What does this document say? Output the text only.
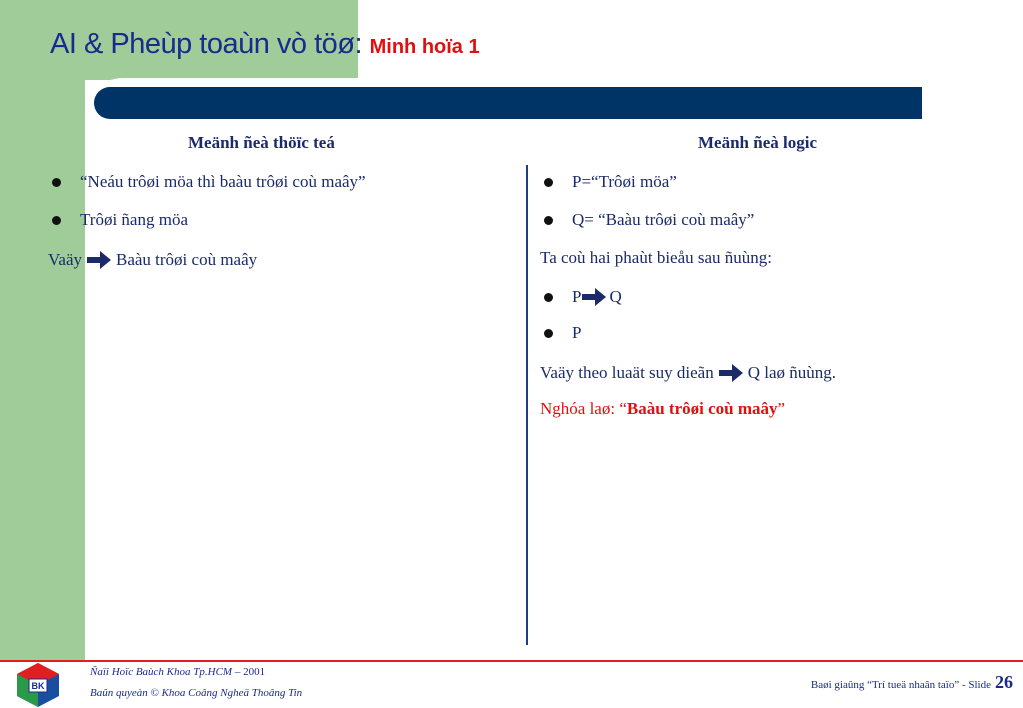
AI & Pheùp toaùn vò töø: Minh hoïa 1
Meänh ñeà thöïc teá
“Neáu trôøi möa thì baàu trôøi coù maây”
Trôøi ñang möa
Vaäy Baàu trôøi coù maây
Meänh ñeà logic
P=“Trôøi möa”
Q= “Baàu trôøi coù maây”
Ta coù hai phaùt bieåu sau ñuùng:
P Q
P
Vaäy theo luaät suy dieãn Q laø ñuùng.
Nghóa laø: “ Baàu trôøi coù maây ”
BK
Ñaïi Hoïc Baùch Khoa Tp.HCM – 2001
Baûn quyeàn © Khoa Coâng Ngheä Thoâng Tin
Baøi giaûng “Trí tueä nhaân taïo” - Slide 26
